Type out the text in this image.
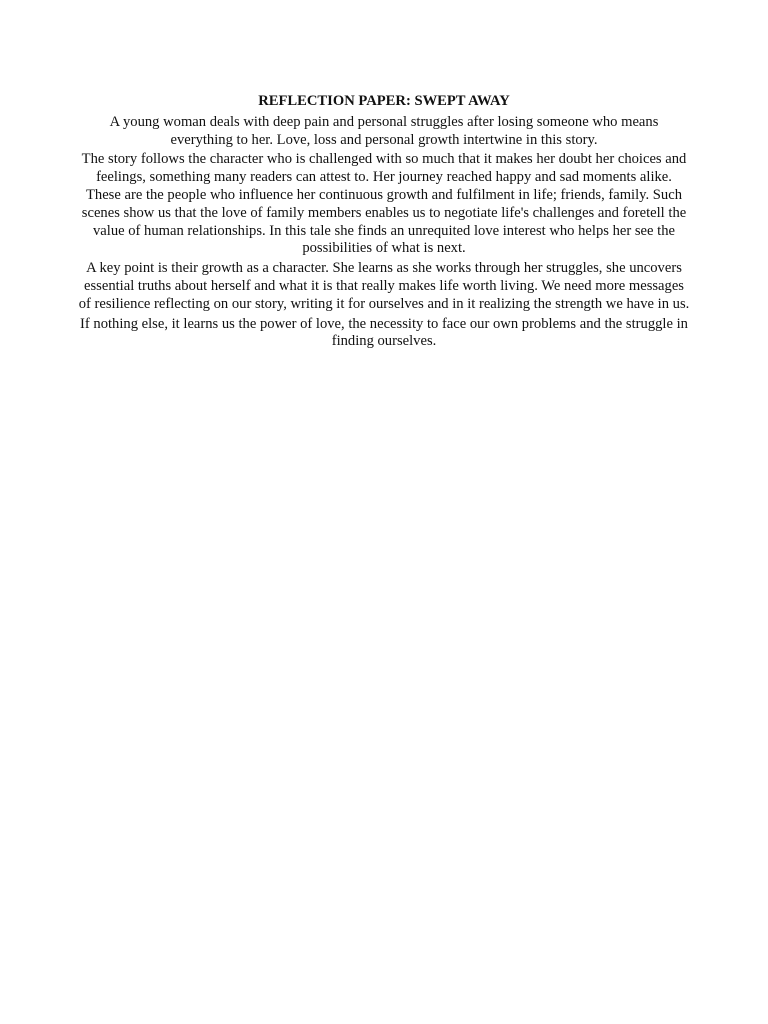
REFLECTION PAPER: SWEPT AWAY
A young woman deals with deep pain and personal struggles after losing someone who means everything to her. Love, loss and personal growth intertwine in this story.
The story follows the character who is challenged with so much that it makes her doubt her choices and feelings, something many readers can attest to. Her journey reached happy and sad moments alike. These are the people who influence her continuous growth and fulfilment in life; friends, family. Such scenes show us that the love of family members enables us to negotiate life's challenges and foretell the value of human relationships. In this tale she finds an unrequited love interest who helps her see the possibilities of what is next.
A key point is their growth as a character. She learns as she works through her struggles, she uncovers essential truths about herself and what it is that really makes life worth living. We need more messages of resilience reflecting on our story, writing it for ourselves and in it realizing the strength we have in us.
If nothing else, it learns us the power of love, the necessity to face our own problems and the struggle in finding ourselves.
